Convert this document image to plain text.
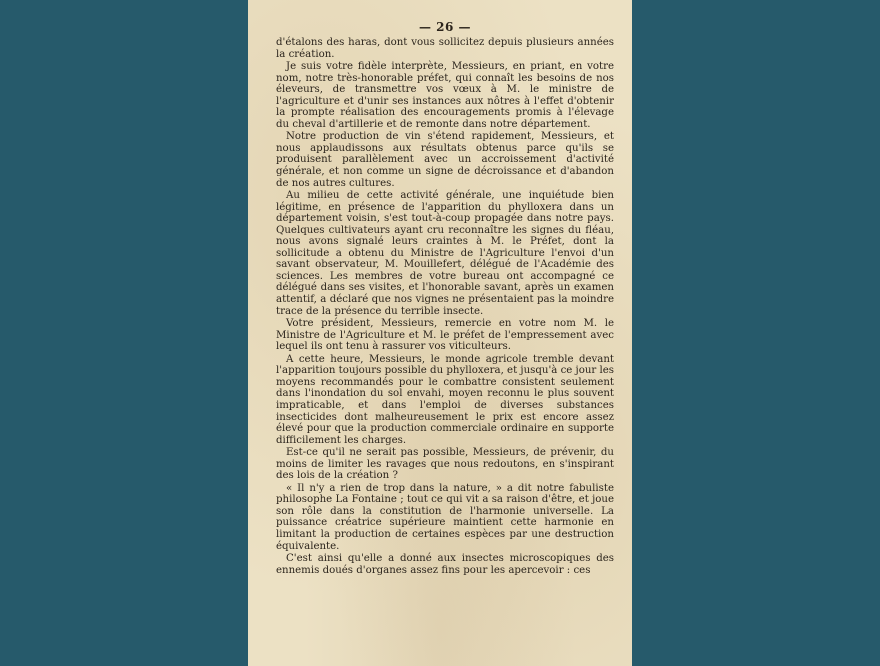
— 26 —

d'étalons des haras, dont vous sollicitez depuis plusieurs années la création.

Je suis votre fidèle interprète, Messieurs, en priant, en votre nom, notre très-honorable préfet, qui connaît les besoins de nos éleveurs, de transmettre vos vœux à M. le ministre de l'agriculture et d'unir ses instances aux nôtres à l'effet d'obtenir la prompte réalisation des encouragements promis à l'élevage du cheval d'artillerie et de remonte dans notre département.

Notre production de vin s'étend rapidement, Messieurs, et nous applaudissons aux résultats obtenus parce qu'ils se produisent parallèlement avec un accroissement d'activité générale, et non comme un signe de décroissance et d'abandon de nos autres cultures.

Au milieu de cette activité générale, une inquiétude bien légitime, en présence de l'apparition du phylloxera dans un département voisin, s'est tout-à-coup propagée dans notre pays. Quelques cultivateurs ayant cru reconnaître les signes du fléau, nous avons signalé leurs craintes à M. le Préfet, dont la sollicitude a obtenu du Ministre de l'Agriculture l'envoi d'un savant observateur, M. Mouillefert, délégué de l'Académie des sciences. Les membres de votre bureau ont accompagné ce délégué dans ses visites, et l'honorable savant, après un examen attentif, a déclaré que nos vignes ne présentaient pas la moindre trace de la présence du terrible insecte.

Votre président, Messieurs, remercie en votre nom M. le Ministre de l'Agriculture et M. le préfet de l'empressement avec lequel ils ont tenu à rassurer vos viticulteurs.

A cette heure, Messieurs, le monde agricole tremble devant l'apparition toujours possible du phylloxera, et jusqu'à ce jour les moyens recommandés pour le combattre consistent seulement dans l'inondation du sol envahi, moyen reconnu le plus souvent impraticable, et dans l'emploi de diverses substances insecticides dont malheureusement le prix est encore assez élevé pour que la production commerciale ordinaire en supporte difficilement les charges.

Est-ce qu'il ne serait pas possible, Messieurs, de prévenir, du moins de limiter les ravages que nous redoutons, en s'inspirant des lois de la création ?

« Il n'y a rien de trop dans la nature, » a dit notre fabuliste philosophe La Fontaine ; tout ce qui vit a sa raison d'être, et joue son rôle dans la constitution de l'harmonie universelle. La puissance créatrice supérieure maintient cette harmonie en limitant la production de certaines espèces par une destruction équivalente.

C'est ainsi qu'elle a donné aux insectes microscopiques des ennemis doués d'organes assez fins pour les apercevoir : ces
